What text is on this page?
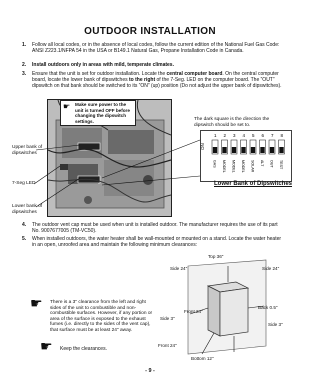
OUTDOOR INSTALLATION
1. Follow all local codes, or in the absence of local codes, follow the current edition of the National Fuel Gas Code: ANSI Z223.1/NFPA 54 in the USA or B149.1 Natural Gas, Propane Installation Code in Canada.
2. Install outdoors only in areas with mild, temperate climates.
3. Ensure that the unit is set for outdoor installation. Locate the central computer board. On the central computer board, locate the lower bank of dipswitches to the right of the 7-Seg. LED on the computer board. The “OUT” dipswitch on that bank should be switched to its “ON” (up) position (Do not adjust the upper bank of dipswitches).
☛ Make sure power to the unit is turned OFF before changing the dipswitch settings.
Upper bank of dipswitches
7-Seg LED
Lower bank of dipswitches
The dark square is the direction the dipswitch should be set to.
ON
1
GAS
2
MODEL
3
MODEL
4
MODEL
5
SOLAR
6
ALT
7
OUT
8
TEST
Lower Bank of Dipswitches
4. The outdoor vent cap must be used when unit is installed outdoor. The manufacturer requires the use of its part No. 9007677005 (TM-VC50).
5. When installed outdoors, the water heater shall be wall-mounted or mounted on a stand. Locate the water heater in an open, unroofed area and maintain the following minimum clearances:
☛ There is a 3" clearance from the left and right sides of the unit to combustible and non-combustible surfaces. However, if any portion or area of the surface is exposed to the exhaust fumes (i.e. directly to the sides of the vent cap), that surface must be at least 24" away.
Top 36"
Side 24"	Side 24"
Front 24"
Back 0.5"
Side 3"
Side 3"
Front 24"
Bottom 12"
☛ Keep the clearances.
- 9 -
